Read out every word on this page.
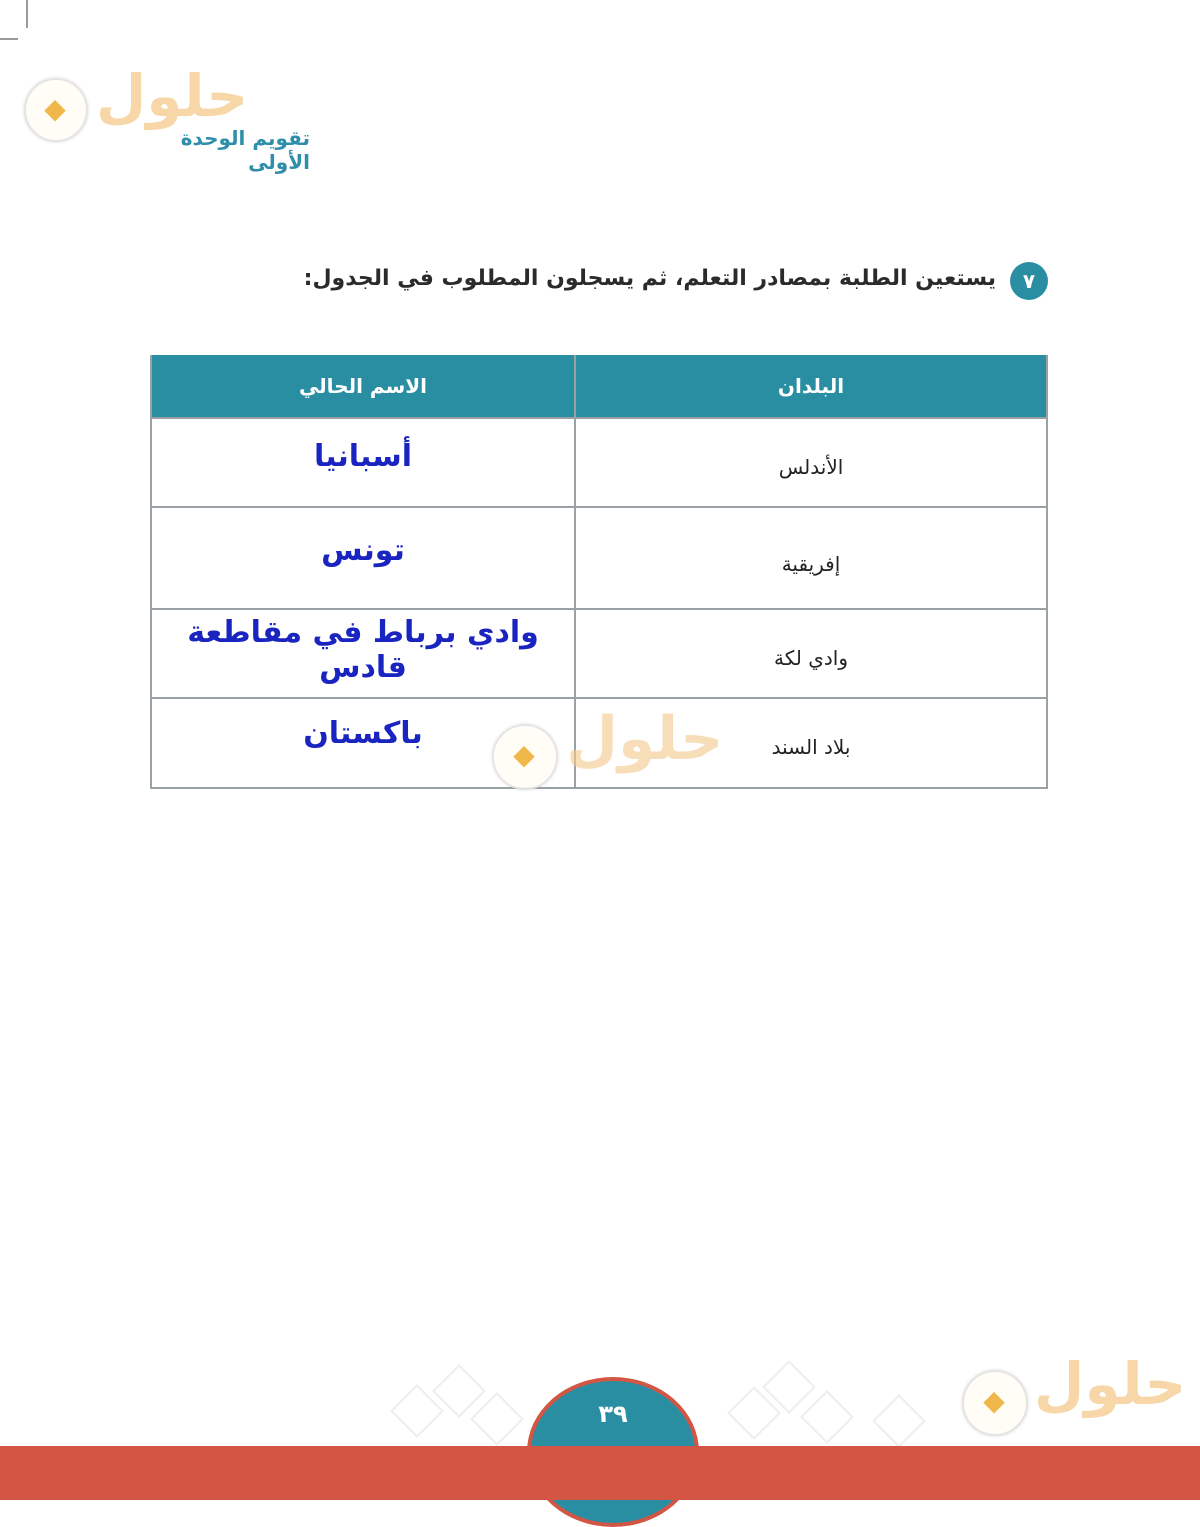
◆ حلول
تقويم الوحدة الأولى
٧
يستعين الطلبة بمصادر التعلم، ثم يسجلون المطلوب في الجدول:
البلدان	الاسم الحالي
الأندلس	أسبانيا
إفريقية	تونس
وادي لكة	وادي برباط في مقاطعة قادس
بلاد السند	باكستان
◆ حلول
◆ حلول
٣٩
